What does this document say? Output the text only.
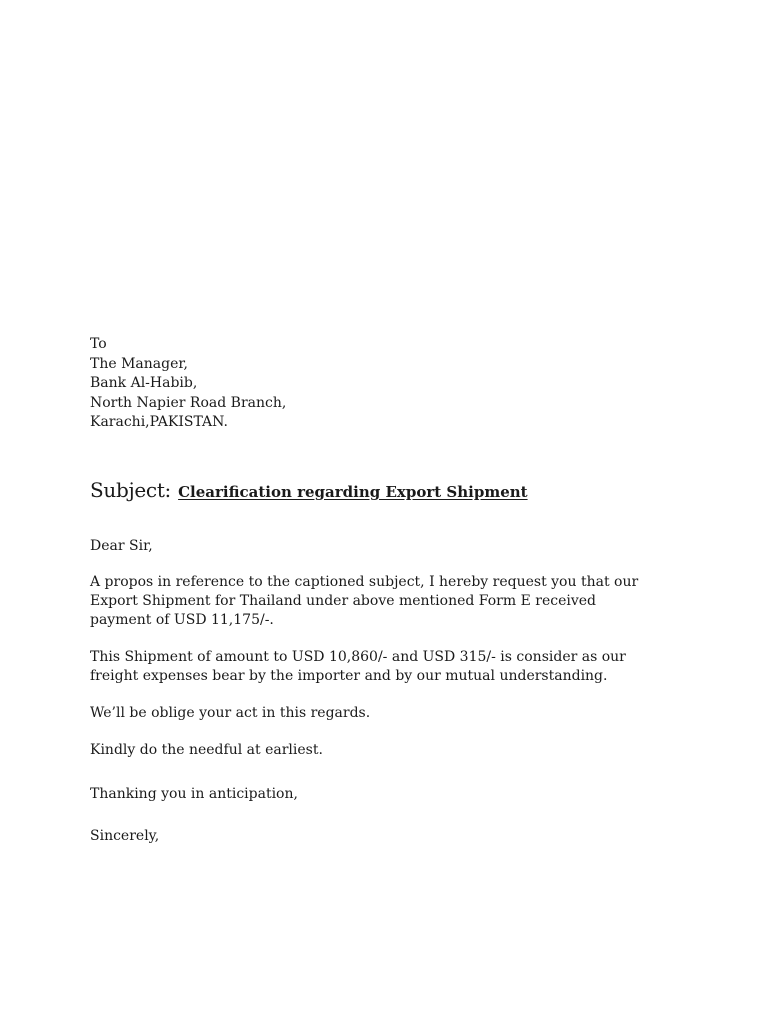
To
The Manager,
Bank Al-Habib,
North Napier Road Branch,
Karachi,PAKISTAN.
Subject: Clearification regarding Export Shipment

Dear Sir,

A propos in reference to the captioned subject, I hereby request you that our Export Shipment for Thailand under above mentioned Form E received payment of USD 11,175/-.

This Shipment of amount to USD 10,860/- and USD 315/- is consider as our freight expenses bear by the importer and by our mutual understanding.

We’ll be oblige your act in this regards.

Kindly do the needful at earliest.

Thanking you in anticipation,

Sincerely,
